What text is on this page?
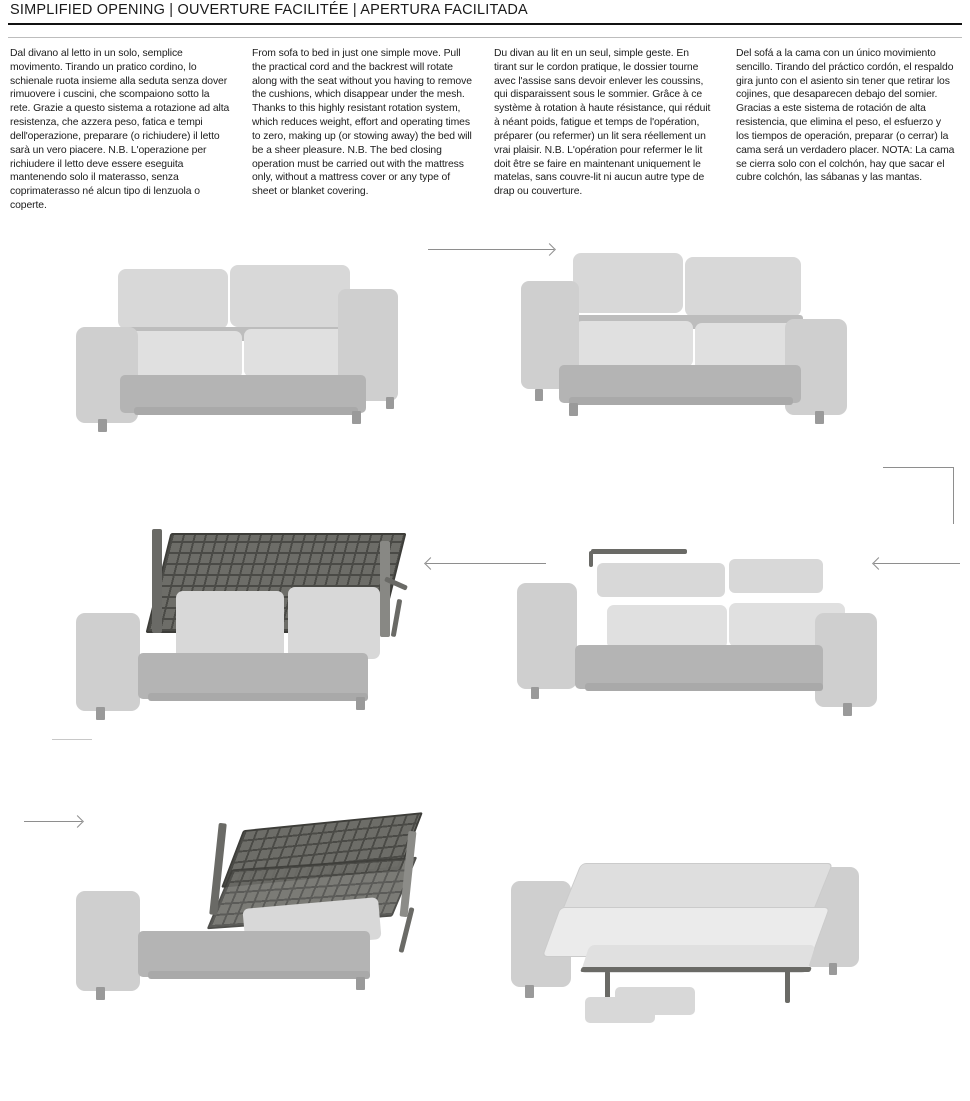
SIMPLIFIED OPENING | OUVERTURE FACILITÉE | APERTURA FACILITADA

Dal divano al letto in un solo, semplice movimento. Tirando un pratico cordino, lo schienale ruota insieme alla seduta senza dover rimuovere i cuscini, che scompaiono sotto la rete. Grazie a questo sistema a rotazione ad alta resistenza, che azzera peso, fatica e tempi dell'operazione, preparare (o richiudere) il letto sarà un vero piacere. N.B. L'operazione per richiudere il letto deve essere eseguita mantenendo solo il materasso, senza coprimaterasso né alcun tipo di lenzuola o coperte.

From sofa to bed in just one simple move. Pull the practical cord and the backrest will rotate along with the seat without you having to remove the cushions, which disappear under the mesh. Thanks to this highly resistant rotation system, which reduces weight, effort and operating times to zero, making up (or stowing away) the bed will be a sheer pleasure. N.B. The bed closing operation must be carried out with the mattress only, without a mattress cover or any type of sheet or blanket covering.

Du divan au lit en un seul, simple geste. En tirant sur le cordon pratique, le dossier tourne avec l'assise sans devoir enlever les coussins, qui disparaissent sous le sommier. Grâce à ce système à rotation à haute résistance, qui réduit à néant poids, fatigue et temps de l'opération, préparer (ou refermer) un lit sera réellement un vrai plaisir. N.B. L'opération pour refermer le lit doit être se faire en maintenant uniquement le matelas, sans couvre-lit ni aucun autre type de drap ou couverture.

Del sofá a la cama con un único movimiento sencillo. Tirando del práctico cordón, el respaldo gira junto con el asiento sin tener que retirar los cojines, que desaparecen debajo del somier. Gracias a este sistema de rotación de alta resistencia, que elimina el peso, el esfuerzo y los tiempos de operación, preparar (o cerrar) la cama será un verdadero placer. NOTA: La cama se cierra solo con el colchón, hay que sacar el cubre colchón, las sábanas y las mantas.
